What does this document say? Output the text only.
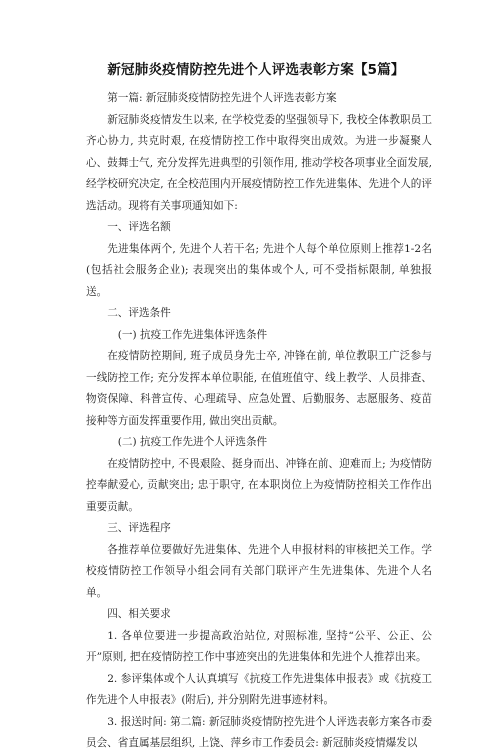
新冠肺炎疫情防控先进个人评选表彰方案【5篇】

第一篇: 新冠肺炎疫情防控先进个人评选表彰方案

新冠肺炎疫情发生以来, 在学校党委的坚强领导下, 我校全体教职员工齐心协力, 共克时艰, 在疫情防控工作中取得突出成效。为进一步凝聚人心、鼓舞士气, 充分发挥先进典型的引领作用, 推动学校各项事业全面发展, 经学校研究决定, 在全校范围内开展疫情防控工作先进集体、先进个人的评选活动。现将有关事项通知如下:

一、评选名额

先进集体两个, 先进个人若干名; 先进个人每个单位原则上推荐1-2名(包括社会服务企业); 表现突出的集体或个人, 可不受指标限制, 单独报送。

二、评选条件

(一) 抗疫工作先进集体评选条件

在疫情防控期间, 班子成员身先士卒, 冲锋在前, 单位教职工广泛参与一线防控工作; 充分发挥本单位职能, 在值班值守、线上教学、人员排查、物资保障、科普宣传、心理疏导、应急处置、后勤服务、志愿服务、疫苗接种等方面发挥重要作用, 做出突出贡献。

(二) 抗疫工作先进个人评选条件

在疫情防控中, 不畏艰险、挺身而出、冲锋在前、迎难而上; 为疫情防控奉献爱心, 贡献突出; 忠于职守, 在本职岗位上为疫情防控相关工作作出重要贡献。

三、评选程序

各推荐单位要做好先进集体、先进个人申报材料的审核把关工作。学校疫情防控工作领导小组会同有关部门联评产生先进集体、先进个人名单。

四、相关要求

1. 各单位要进一步提高政治站位, 对照标准, 坚持“公平、公正、公开”原则, 把在疫情防控工作中事迹突出的先进集体和先进个人推荐出来。

2. 参评集体或个人认真填写《抗疫工作先进集体申报表》或《抗疫工作先进个人申报表》(附后), 并分别附先进事迹材料。

3. 报送时间: 第二篇: 新冠肺炎疫情防控先进个人评选表彰方案各市委员会、省直属基层组织, 上饶、萍乡市工作委员会: 新冠肺炎疫情爆发以
